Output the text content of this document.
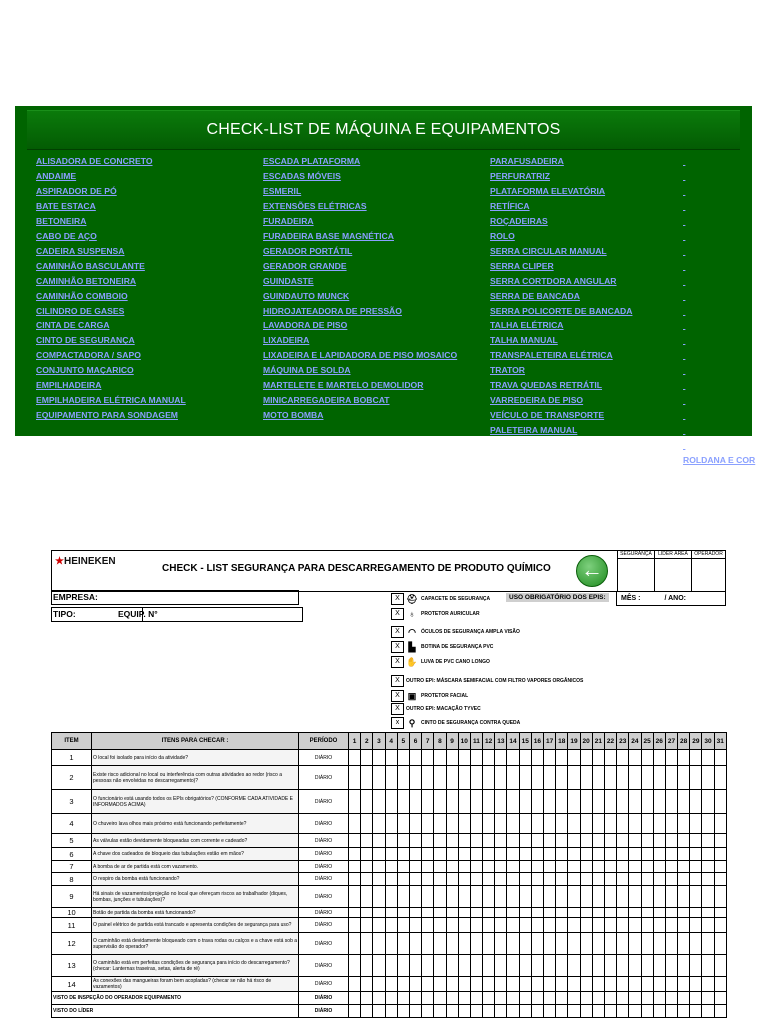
CHECK-LIST DE MÁQUINA E EQUIPAMENTOS
ALISADORA DE CONCRETO
ANDAIME
ASPIRADOR DE PÓ
BATE ESTACA
BETONEIRA
CABO DE AÇO
CADEIRA SUSPENSA
CAMINHÃO BASCULANTE
CAMINHÃO BETONEIRA
CAMINHÃO COMBOIO
CILINDRO DE GASES
CINTA DE CARGA
CINTO DE SEGURANÇA
COMPACTADORA / SAPO
CONJUNTO MAÇARICO
EMPILHADEIRA
EMPILHADEIRA ELÉTRICA MANUAL
EQUIPAMENTO PARA SONDAGEM
ESCADA PLATAFORMA
ESCADAS MÓVEIS
ESMERIL
EXTENSÕES ELÉTRICAS
FURADEIRA
FURADEIRA BASE MAGNÉTICA
GERADOR PORTÁTIL
GERADOR GRANDE
GUINDASTE
GUINDAUTO MUNCK
HIDROJATEADORA DE PRESSÃO
LAVADORA DE PISO
LIXADEIRA
LIXADEIRA E LAPIDADORA DE PISO MOSAICO
MÁQUINA DE SOLDA
MARTELETE E MARTELO DEMOLIDOR
MINICARREGADEIRA BOBCAT
MOTO BOMBA
PARAFUSADEIRA
PERFURATRIZ
PLATAFORMA ELEVATÓRIA
RETÍFICA
ROÇADEIRAS
ROLO
SERRA CIRCULAR MANUAL
SERRA CLIPER
SERRA CORTDORA ANGULAR
SERRA DE BANCADA
SERRA POLICORTE DE BANCADA
TALHA ELÉTRICA
TALHA MANUAL
TRANSPALETEIRA ELÉTRICA
TRATOR
TRAVA QUEDAS RETRÁTIL
VARREDEIRA DE PISO
VEÍCULO DE TRANSPORTE
PALETEIRA MANUAL

ROLDANA E COR
★HEINEKEN
CHECK - LIST SEGURANÇA PARA DESCARREGAMENTO DE PRODUTO QUÍMICO ←
SEGURANÇA	LÍDER ÁREA	OPERADOR
EMPRESA:
TIPO:	EQUIP. N°
USO OBRIGATÓRIO DOS EPIS:	MÊS :	/ ANO:
X ⛑ CAPACETE DE SEGURANÇA
X ♁	PROTETOR AURICULAR
X ◠	ÓCULOS DE SEGURANÇA AMPLA VISÃO
X ▙	BOTINA DE SEGURANÇA PVC
X ✋ LUVA DE PVC CANO LONGO
X	OUTRO EPI: MÁSCARA SEMIFACIAL COM FILTRO VAPORES ORGÂNICOS
X ▣ PROTETOR FACIAL
X	OUTRO EPI: MACAÇÃO TYVEC
x	⚲	CINTO DE SEGURANÇA CONTRA QUEDA
ITEM	ITENS PARA CHECAR :	PERÍODO	1	2	3	4	5	6	7	8	9	10	11	12	13	14	15	16	17	18	19	20	21	22	23	24	25	26	27	28	29	30	31
1	O local foi isolado para início da atividade?	DIÁRIO																															
2	Existe risco adicional no local ou interferência com outras atividades ao redor (risco a pessoas não envolvidas no descarregamento)?	DIÁRIO																															
3	O funcionário está usando todos os EPIs obrigatórios? (CONFORME CADA ATIVIDADE E INFORMADOS ACIMA)	DIÁRIO																															
4	O chuveiro lava olhos mais próximo está funcionando perfeitamente?	DIÁRIO																															
5	As válvulas estão devidamente bloqueadas com corrente e cadeado?	DIÁRIO																															
6	A chave dos cadeados de bloqueio das tubulações estão em mãos?	DIÁRIO																															
7	A bomba de ar de partida está com vazamento.	DIÁRIO																															
8	O respiro da bomba está funcionando?	DIÁRIO																															
9	Há sinais de vazamentos/projeção no local que ofereçam riscos ao trabalhador (diques, bombas, junções e tubulações)?	DIÁRIO																															
10	Botão de partida da bomba está funcionando?	DIÁRIO																															
11	O painel elétrico de partida está trancado e apresenta condições de segurança para uso?	DIÁRIO																															
12	O caminhão está devidamente bloqueado com o trava rodas ou calços e a chave está sob a supervisão do operador?	DIÁRIO																															
13	O caminhão está em perfeitas condições de segurança para início do descarregamento? (checar: Lanternas traseiras, setas, alerta de ré)	DIÁRIO																															
14	As conexões das mangueiras foram bem acopladas? (checar se não há risco de vazamentos)	DIÁRIO																															
VISTO DE INSPEÇÃO DO OPERADOR EQUIPAMENTO		DIÁRIO																															
VISTO DO LÍDER		DIÁRIO																															
